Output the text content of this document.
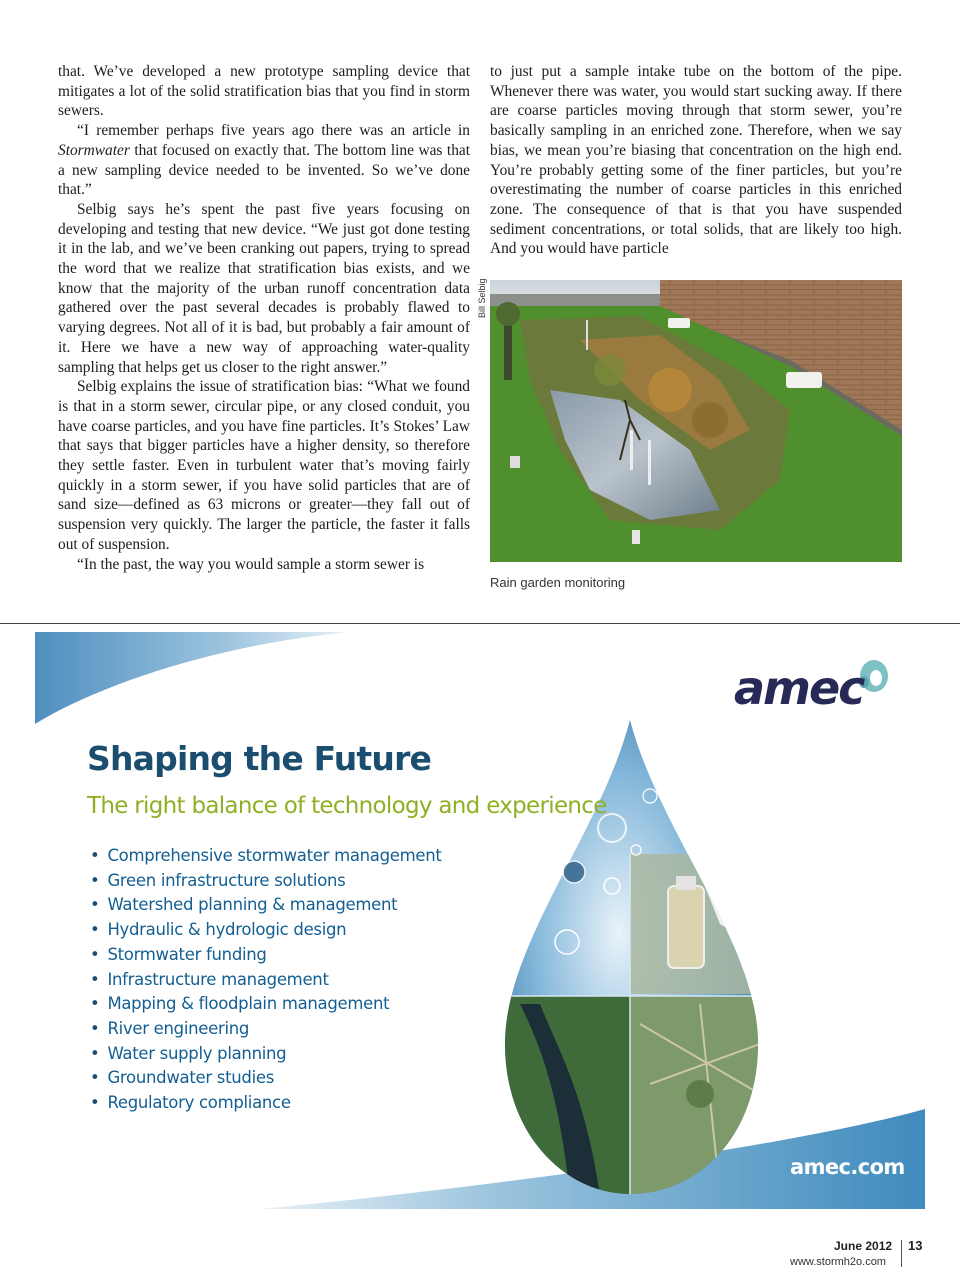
that. We’ve developed a new prototype sampling device that mitigates a lot of the solid stratification bias that you find in storm sewers.

“I remember perhaps five years ago there was an article in Stormwater that focused on exactly that. The bottom line was that a new sampling device needed to be invented. So we’ve done that.”

Selbig says he’s spent the past five years focusing on developing and testing that new device. “We just got done testing it in the lab, and we’ve been cranking out papers, trying to spread the word that we realize that stratification bias exists, and we know that the majority of the urban runoff concentration data gathered over the past several decades is probably flawed to varying degrees. Not all of it is bad, but probably a fair amount of it. Here we have a new way of approaching water-quality sampling that helps get us closer to the right answer.”

Selbig explains the issue of stratification bias: “What we found is that in a storm sewer, circular pipe, or any closed conduit, you have coarse particles, and you have fine particles. It’s Stokes’ Law that says that bigger particles have a higher density, so therefore they settle faster. Even in turbulent water that’s moving fairly quickly in a storm sewer, if you have solid particles that are of sand size—defined as 63 microns or greater—they fall out of suspension very quickly. The larger the particle, the faster it falls out of suspension.

“In the past, the way you would sample a storm sewer is

to just put a sample intake tube on the bottom of the pipe. Whenever there was water, you would start sucking away. If there are coarse particles moving through that storm sewer, you’re basically sampling in an enriched zone. Therefore, when we say bias, we mean you’re biasing that concentration on the high end. You’re probably getting some of the finer particles, but you’re overestimating the number of coarse particles in this enriched zone. The consequence of that is that you have suspended sediment concentrations, or total solids, that are likely too high. And you would have particle

Bill Selbig
Rain garden monitoring
amec
Shaping the Future
The right balance of technology and experience
• Comprehensive stormwater management
• Green infrastructure solutions
• Watershed planning & management
• Hydraulic & hydrologic design
• Stormwater funding
• Infrastructure management
• Mapping & floodplain management
• River engineering
• Water supply planning
• Groundwater studies
• Regulatory compliance
amec.com
June 2012
www.stormh2o.com
13
